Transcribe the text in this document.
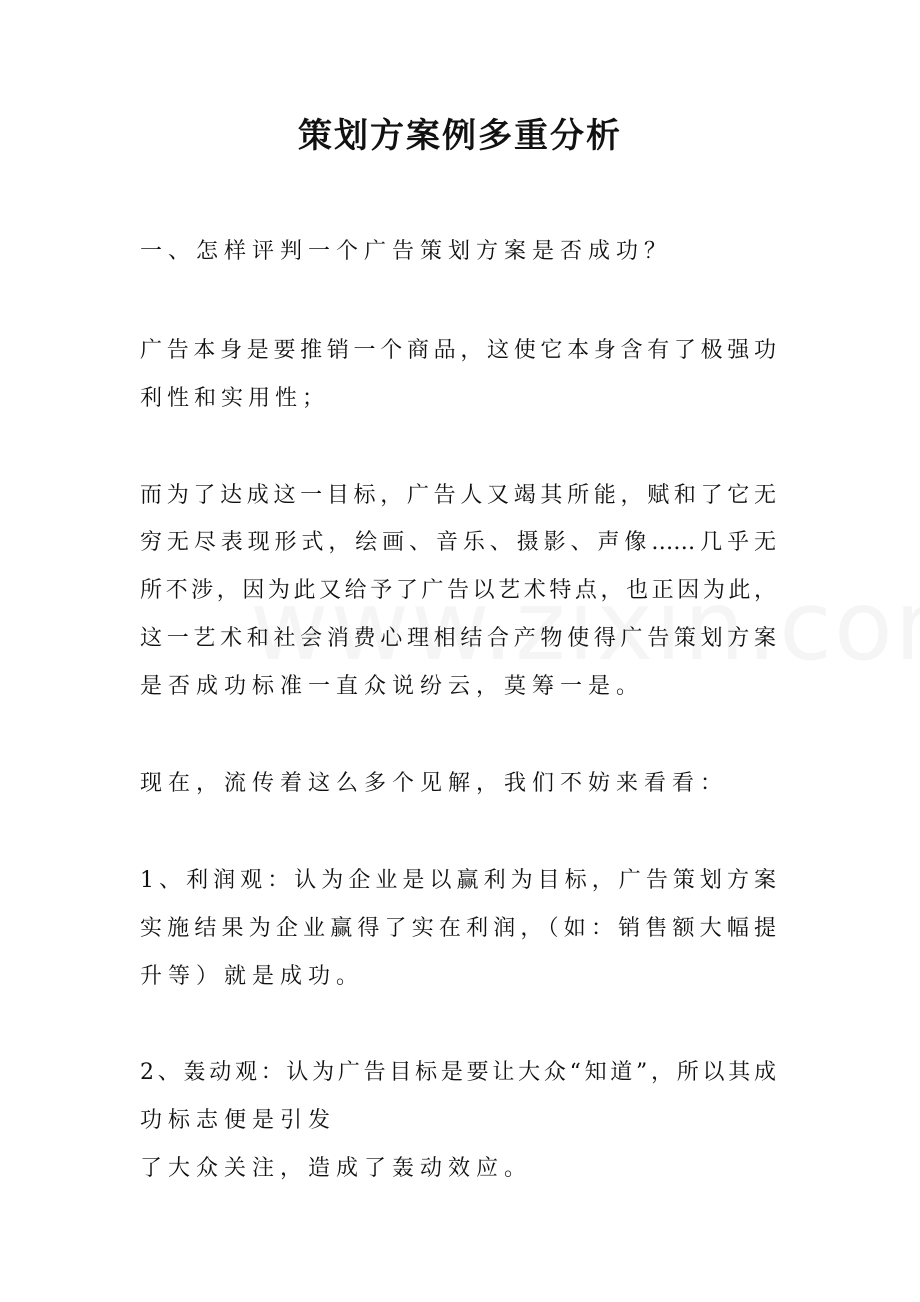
策划方案例多重分析
一、怎样评判一个广告策划方案是否成功？
广告本身是要推销一个商品，这使它本身含有了极强功
利性和实用性；
而为了达成这一目标，广告人又竭其所能，赋和了它无
穷无尽表现形式，绘画、音乐、摄影、声像……几乎无
所不涉，因为此又给予了广告以艺术特点，也正因为此，
这一艺术和社会消费心理相结合产物使得广告策划方案
是否成功标准一直众说纷云，莫筹一是。
现在，流传着这么多个见解，我们不妨来看看：
1、利润观：认为企业是以赢利为目标，广告策划方案
实施结果为企业赢得了实在利润，（如：销售额大幅提
升等）就是成功。
2、轰动观：认为广告目标是要让大众“知道”，所以其成
功标志便是引发
了大众关注，造成了轰动效应。
